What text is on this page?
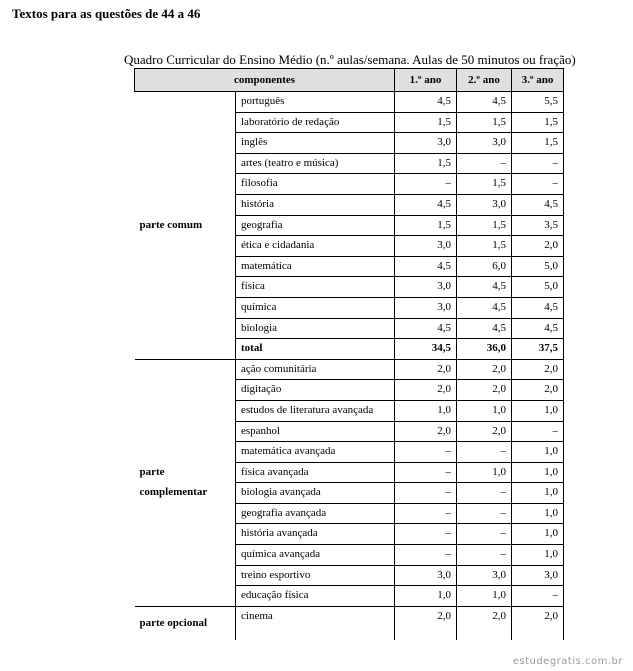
Textos para as questões de 44 a 46
Quadro Curricular do Ensino Médio (n.º aulas/semana. Aulas de 50 minutos ou fração)
componentes		1.º ano	2.º ano	3.º ano
parte comum	português	4,5	4,5	5,5
	laboratório de redação	1,5	1,5	1,5
	inglês	3,0	3,0	1,5
	artes (teatro e música)	1,5	–	–
	filosofia	–	1,5	–
	história	4,5	3,0	4,5
	geografia	1,5	1,5	3,5
	ética e cidadania	3,0	1,5	2,0
	matemática	4,5	6,0	5,0
	física	3,0	4,5	5,0
	química	3,0	4,5	4,5
	biologia	4,5	4,5	4,5
	total	34,5	36,0	37,5
parte complementar	ação comunitária	2,0	2,0	2,0
	digitação	2,0	2,0	2,0
	estudos de literatura avançada	1,0	1,0	1,0
	espanhol	2,0	2,0	–
	matemática avançada	–	–	1,0
	física avançada	–	1,0	1,0
	biologia avançada	–	–	1,0
	geografia avançada	–	–	1,0
	história avançada	–	–	1,0
	química avançada	–	–	1,0
	treino esportivo	3,0	3,0	3,0
	educação física	1,0	1,0	–
parte opcional	cinema	2,0	2,0	2,0

estudegratis.com.br
